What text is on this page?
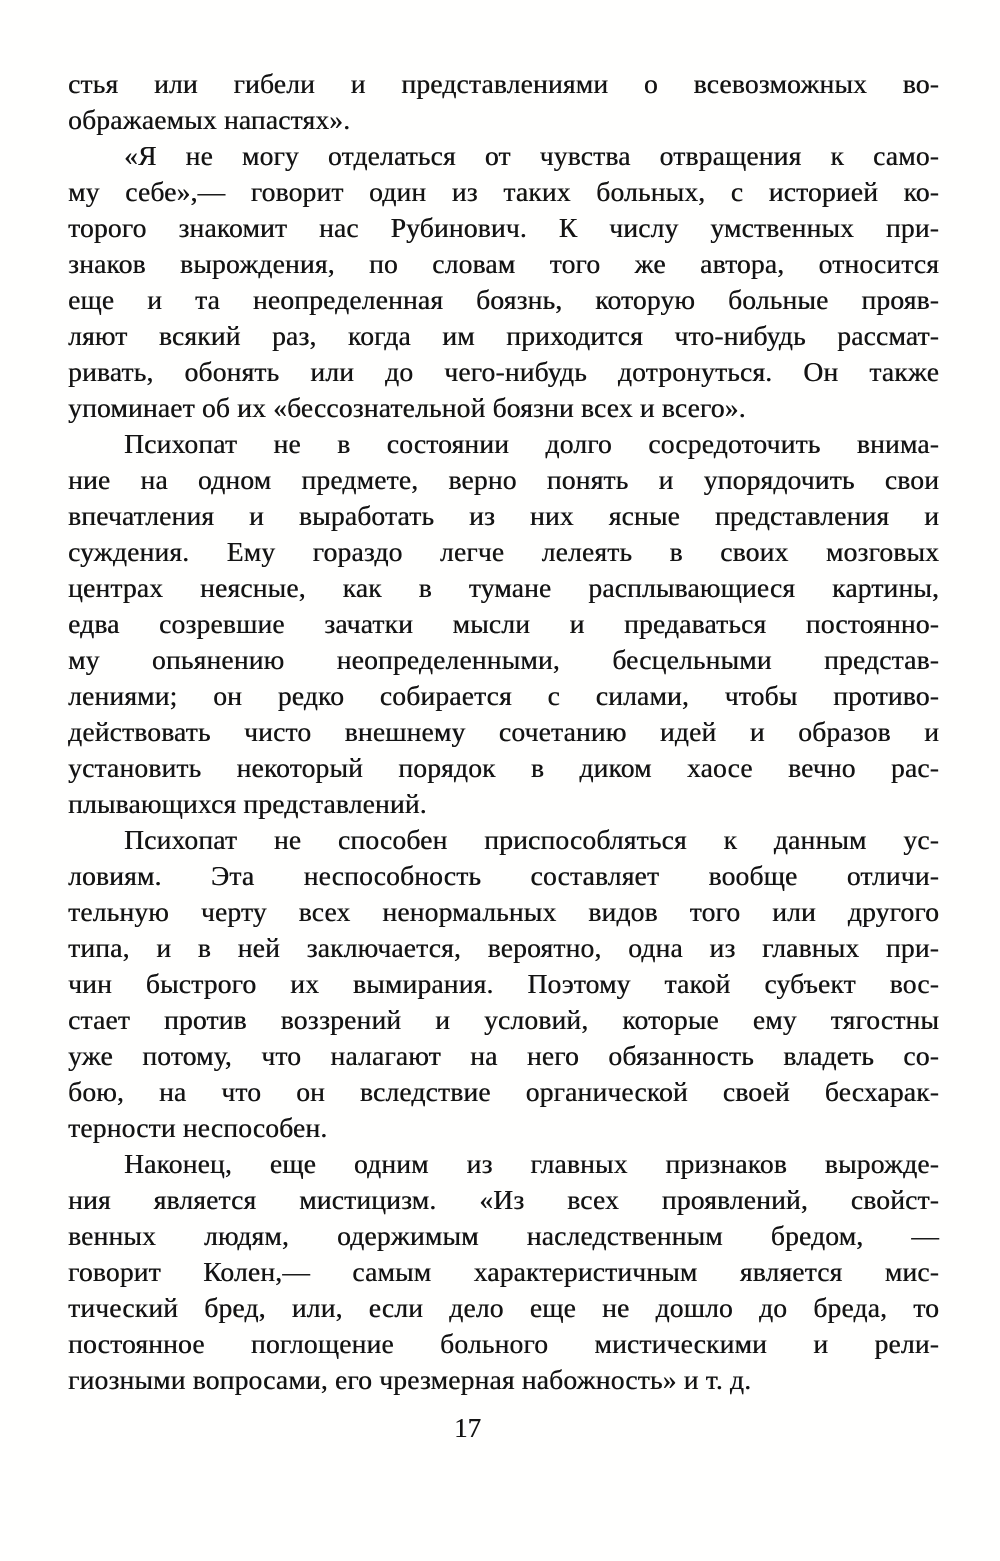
стья или гибели и представлениями о всевозможных во-
ображаемых напастях».
«Я не могу отделаться от чувства отвращения к само-
му себе»,— говорит один из таких больных, с историей ко-
торого знакомит нас Рубинович. К числу умственных при-
знаков вырождения, по словам того же автора, относится
еще и та неопределенная боязнь, которую больные прояв-
ляют всякий раз, когда им приходится что-нибудь рассмат-
ривать, обонять или до чего-нибудь дотронуться. Он также
упоминает об их «бессознательной боязни всех и всего».
Психопат не в состоянии долго сосредоточить внима-
ние на одном предмете, верно понять и упорядочить свои
впечатления и выработать из них ясные представления и
суждения. Ему гораздо легче лелеять в своих мозговых
центрах неясные, как в тумане расплывающиеся картины,
едва созревшие зачатки мысли и предаваться постоянно-
му опьянению неопределенными, бесцельными представ-
лениями; он редко собирается с силами, чтобы противо-
действовать чисто внешнему сочетанию идей и образов и
установить некоторый порядок в диком хаосе вечно рас-
плывающихся представлений.
Психопат не способен приспособляться к данным ус-
ловиям. Эта неспособность составляет вообще отличи-
тельную черту всех ненормальных видов того или другого
типа, и в ней заключается, вероятно, одна из главных при-
чин быстрого их вымирания. Поэтому такой субъект вос-
стает против воззрений и условий, которые ему тягостны
уже потому, что налагают на него обязанность владеть со-
бою, на что он вследствие органической своей бесхарак-
терности неспособен.
Наконец, еще одним из главных признаков вырожде-
ния является мистицизм. «Из всех проявлений, свойст-
венных людям, одержимым наследственным бредом, —
говорит Колен,— самым характеристичным является мис-
тический бред, или, если дело еще не дошло до бреда, то
постоянное поглощение больного мистическими и рели-
гиозными вопросами, его чрезмерная набожность» и т. д.
17
